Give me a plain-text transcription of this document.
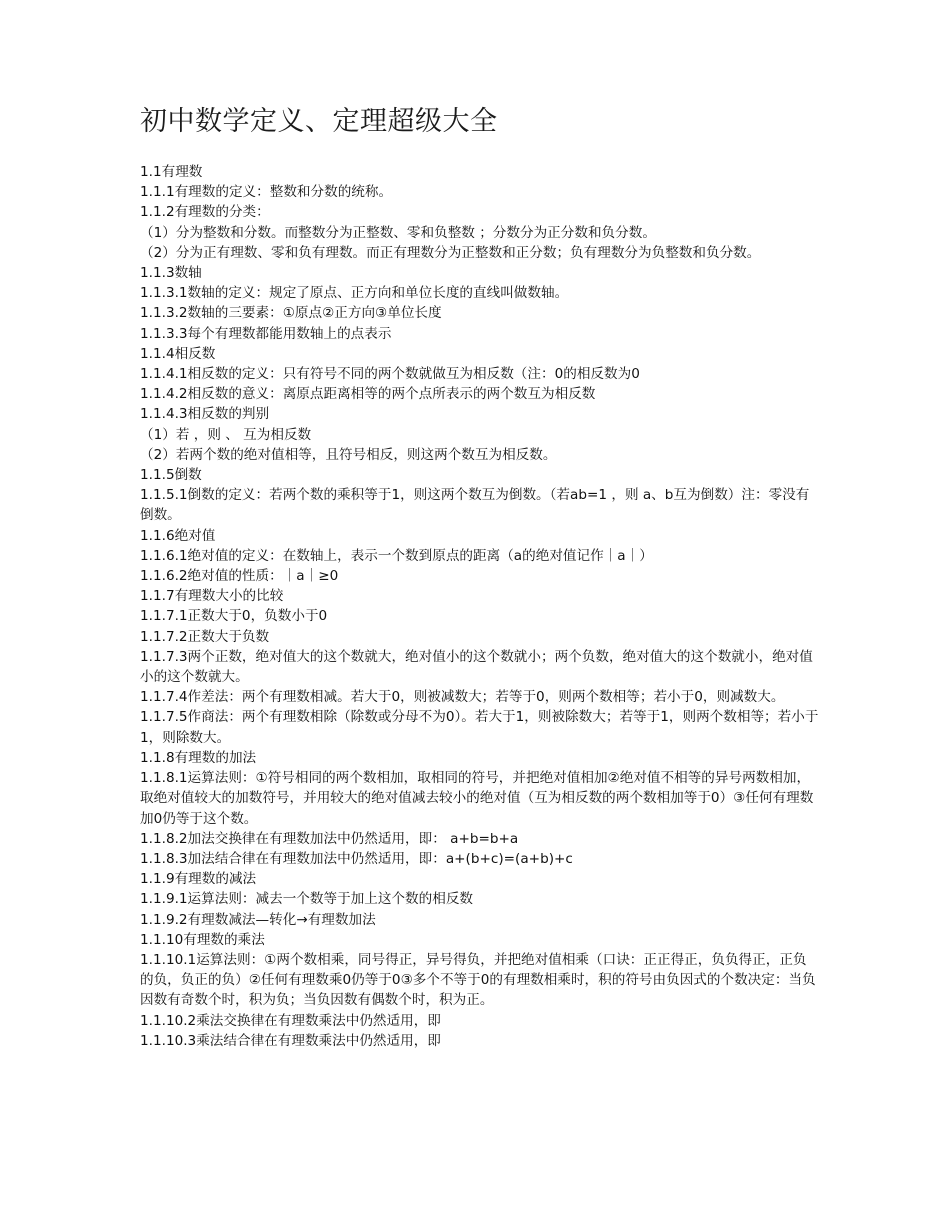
初中数学定义、定理超级大全
1.1有理数
1.1.1有理数的定义：整数和分数的统称。
1.1.2有理数的分类：
（1）分为整数和分数。而整数分为正整数、零和负整数 ；分数分为正分数和负分数。
（2）分为正有理数、零和负有理数。而正有理数分为正整数和正分数；负有理数分为负整数和负分数。
1.1.3数轴
1.1.3.1数轴的定义：规定了原点、正方向和单位长度的直线叫做数轴。
1.1.3.2数轴的三要素：①原点②正方向③单位长度
1.1.3.3每个有理数都能用数轴上的点表示
1.1.4相反数
1.1.4.1相反数的定义：只有符号不同的两个数就做互为相反数（注：0的相反数为0
1.1.4.2相反数的意义：离原点距离相等的两个点所表示的两个数互为相反数
1.1.4.3相反数的判别
（1）若 ，则 、 互为相反数
（2）若两个数的绝对值相等，且符号相反，则这两个数互为相反数。
1.1.5倒数
1.1.5.1倒数的定义：若两个数的乘积等于1，则这两个数互为倒数。（若ab=1 ，则 a、b互为倒数）注：零没有倒数。
1.1.6绝对值
1.1.6.1绝对值的定义：在数轴上，表示一个数到原点的距离（a的绝对值记作｜a｜）
1.1.6.2绝对值的性质：｜a｜≥0
1.1.7有理数大小的比较
1.1.7.1正数大于0，负数小于0
1.1.7.2正数大于负数
1.1.7.3两个正数，绝对值大的这个数就大，绝对值小的这个数就小；两个负数，绝对值大的这个数就小，绝对值小的这个数就大。
1.1.7.4作差法：两个有理数相减。若大于0，则被减数大；若等于0，则两个数相等；若小于0，则减数大。
1.1.7.5作商法：两个有理数相除（除数或分母不为0）。若大于1，则被除数大；若等于1，则两个数相等；若小于1，则除数大。
1.1.8有理数的加法
1.1.8.1运算法则：①符号相同的两个数相加，取相同的符号，并把绝对值相加②绝对值不相等的异号两数相加，取绝对值较大的加数符号，并用较大的绝对值减去较小的绝对值（互为相反数的两个数相加等于0）③任何有理数加0仍等于这个数。
1.1.8.2加法交换律在有理数加法中仍然适用，即： a+b=b+a
1.1.8.3加法结合律在有理数加法中仍然适用，即：a+(b+c)=(a+b)+c
1.1.9有理数的减法
1.1.9.1运算法则：减去一个数等于加上这个数的相反数
1.1.9.2有理数减法—转化→有理数加法
1.1.10有理数的乘法
1.1.10.1运算法则：①两个数相乘，同号得正，异号得负，并把绝对值相乘（口诀：正正得正，负负得正，正负的负，负正的负）②任何有理数乘0仍等于0③多个不等于0的有理数相乘时，积的符号由负因式的个数决定：当负因数有奇数个时，积为负；当负因数有偶数个时，积为正。
1.1.10.2乘法交换律在有理数乘法中仍然适用，即
1.1.10.3乘法结合律在有理数乘法中仍然适用，即
